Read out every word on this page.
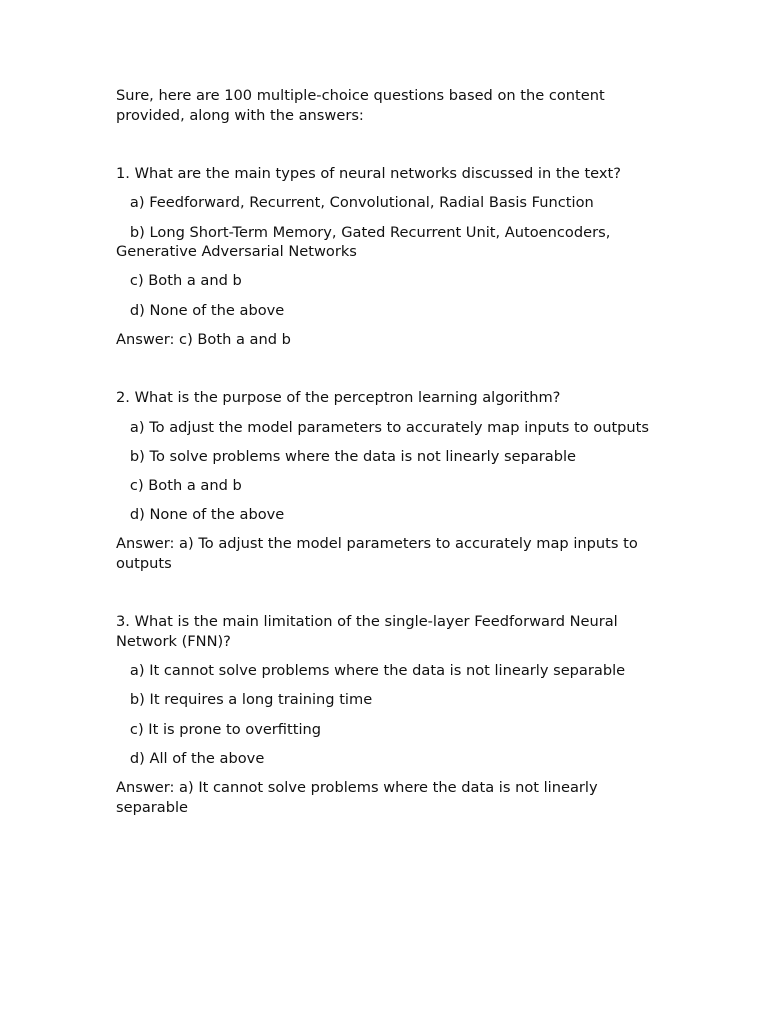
Sure, here are 100 multiple-choice questions based on the content provided, along with the answers:

1. What are the main types of neural networks discussed in the text?

a) Feedforward, Recurrent, Convolutional, Radial Basis Function

b) Long Short-Term Memory, Gated Recurrent Unit, Autoencoders, Generative Adversarial Networks

c) Both a and b

d) None of the above

Answer: c) Both a and b

2. What is the purpose of the perceptron learning algorithm?

a) To adjust the model parameters to accurately map inputs to outputs

b) To solve problems where the data is not linearly separable

c) Both a and b

d) None of the above

Answer: a) To adjust the model parameters to accurately map inputs to outputs

3. What is the main limitation of the single-layer Feedforward Neural Network (FNN)?

a) It cannot solve problems where the data is not linearly separable

b) It requires a long training time

c) It is prone to overfitting

d) All of the above

Answer: a) It cannot solve problems where the data is not linearly separable
